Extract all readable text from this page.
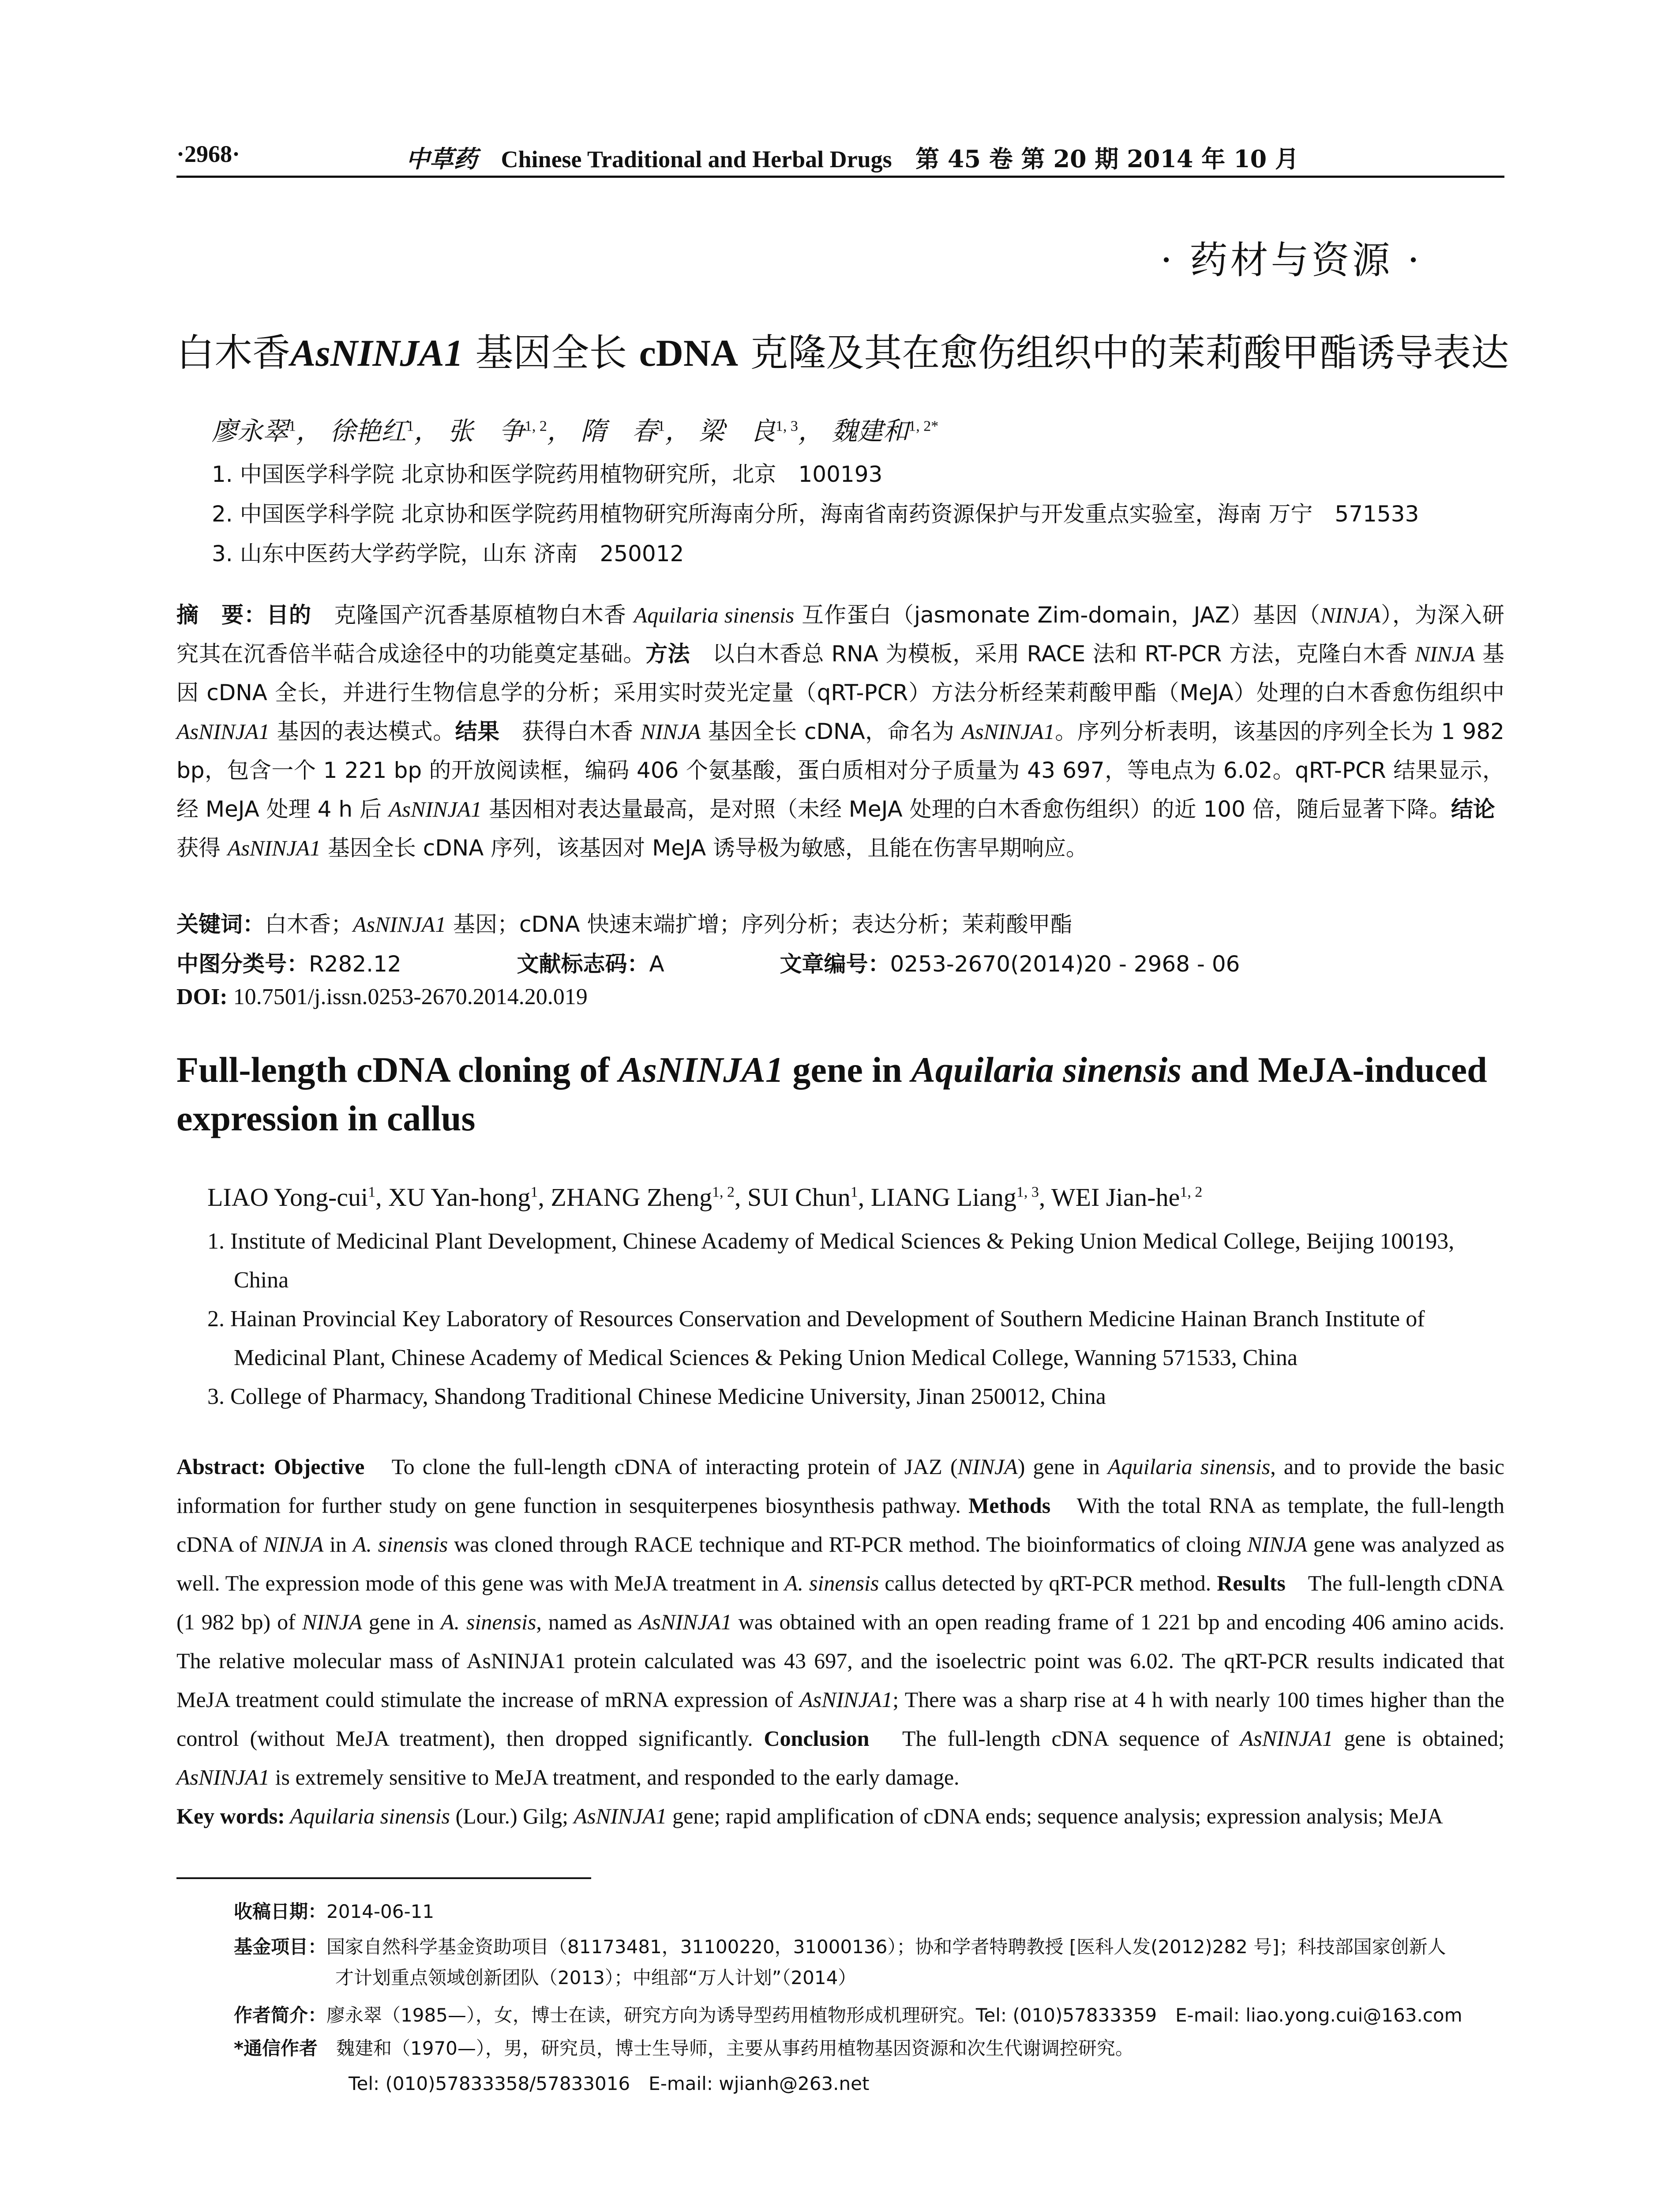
·2968·	中草药 Chinese Traditional and Herbal Drugs 第 45 卷 第 20 期 2014 年 10 月
· 药材与资源 ·
白木香AsNINJA1 基因全长 cDNA 克隆及其在愈伤组织中的茉莉酸甲酯诱导表达
廖永翠$^1$， 徐艳红$^1$， 张　争$^{1, 2}$， 隋　春$^1$， 梁　良$^{1, 3}$， 魏建和$^{1, 2*}$
1. 中国医学科学院 北京协和医学院药用植物研究所，北京　100193
2. 中国医学科学院 北京协和医学院药用植物研究所海南分所，海南省南药资源保护与开发重点实验室，海南 万宁　571533
3. 山东中医药大学药学院，山东 济南　250012
摘　要：目的　克隆国产沉香基原植物白木香 Aquilaria sinensis 互作蛋白（jasmonate Zim-domain，JAZ）基因（NINJA），为深入研究其在沉香倍半萜合成途径中的功能奠定基础。方法　以白木香总 RNA 为模板，采用 RACE 法和 RT-PCR 方法，克隆白木香 NINJA 基因 cDNA 全长，并进行生物信息学的分析；采用实时荧光定量（qRT-PCR）方法分析经茉莉酸甲酯（MeJA）处理的白木香愈伤组织中 AsNINJA1 基因的表达模式。结果　获得白木香 NINJA 基因全长 cDNA，命名为 AsNINJA1。序列分析表明，该基因的序列全长为 1 982 bp，包含一个 1 221 bp 的开放阅读框，编码 406 个氨基酸，蛋白质相对分子质量为 43 697，等电点为 6.02。qRT-PCR 结果显示，经 MeJA 处理 4 h 后 AsNINJA1 基因相对表达量最高，是对照（未经 MeJA 处理的白木香愈伤组织）的近 100 倍，随后显著下降。结论　获得 AsNINJA1 基因全长 cDNA 序列，该基因对 MeJA 诱导极为敏感，且能在伤害早期响应。
关键词：白木香；AsNINJA1 基因；cDNA 快速末端扩增；序列分析；表达分析；茉莉酸甲酯
中图分类号：R282.12	文献标志码：A	文章编号：0253-2670(2014)20 - 2968 - 06
DOI: 10.7501/j.issn.0253-2670.2014.20.019
Full-length cDNA cloning of AsNINJA1 gene in Aquilaria sinensis and MeJA-induced expression in callus
LIAO Yong-cui$^1$, XU Yan-hong$^1$, ZHANG Zheng$^{1, 2}$, SUI Chun$^1$, LIANG Liang$^{1, 3}$, WEI Jian-he$^{1, 2}$
1. Institute of Medicinal Plant Development, Chinese Academy of Medical Sciences & Peking Union Medical College, Beijing 100193, China
2. Hainan Provincial Key Laboratory of Resources Conservation and Development of Southern Medicine Hainan Branch Institute of Medicinal Plant, Chinese Academy of Medical Sciences & Peking Union Medical College, Wanning 571533, China
3. College of Pharmacy, Shandong Traditional Chinese Medicine University, Jinan 250012, China
Abstract: Objective　To clone the full-length cDNA of interacting protein of JAZ (NINJA) gene in Aquilaria sinensis, and to provide the basic information for further study on gene function in sesquiterpenes biosynthesis pathway. Methods　With the total RNA as template, the full-length cDNA of NINJA in A. sinensis was cloned through RACE technique and RT-PCR method. The bioinformatics of cloing NINJA gene was analyzed as well. The expression mode of this gene was with MeJA treatment in A. sinensis callus detected by qRT-PCR method. Results　The full-length cDNA (1 982 bp) of NINJA gene in A. sinensis, named as AsNINJA1 was obtained with an open reading frame of 1 221 bp and encoding 406 amino acids. The relative molecular mass of AsNINJA1 protein calculated was 43 697, and the isoelectric point was 6.02. The qRT-PCR results indicated that MeJA treatment could stimulate the increase of mRNA expression of AsNINJA1; There was a sharp rise at 4 h with nearly 100 times higher than the control (without MeJA treatment), then dropped significantly. Conclusion　The full-length cDNA sequence of AsNINJA1 gene is obtained; AsNINJA1 is extremely sensitive to MeJA treatment, and responded to the early damage.
Key words: Aquilaria sinensis (Lour.) Gilg; AsNINJA1 gene; rapid amplification of cDNA ends; sequence analysis; expression analysis; MeJA
收稿日期：2014-06-11
基金项目：国家自然科学基金资助项目（81173481，31100220，31000136）；协和学者特聘教授 [医科人发(2012)282 号]；科技部国家创新人
才计划重点领域创新团队（2013）；中组部“万人计划”（2014）
作者简介：廖永翠（1985—），女，博士在读，研究方向为诱导型药用植物形成机理研究。Tel: (010)57833359　E-mail: liao.yong.cui@163.com
*通信作者　魏建和（1970—），男，研究员，博士生导师，主要从事药用植物基因资源和次生代谢调控研究。
Tel: (010)57833358/57833016　E-mail: wjianh@263.net
